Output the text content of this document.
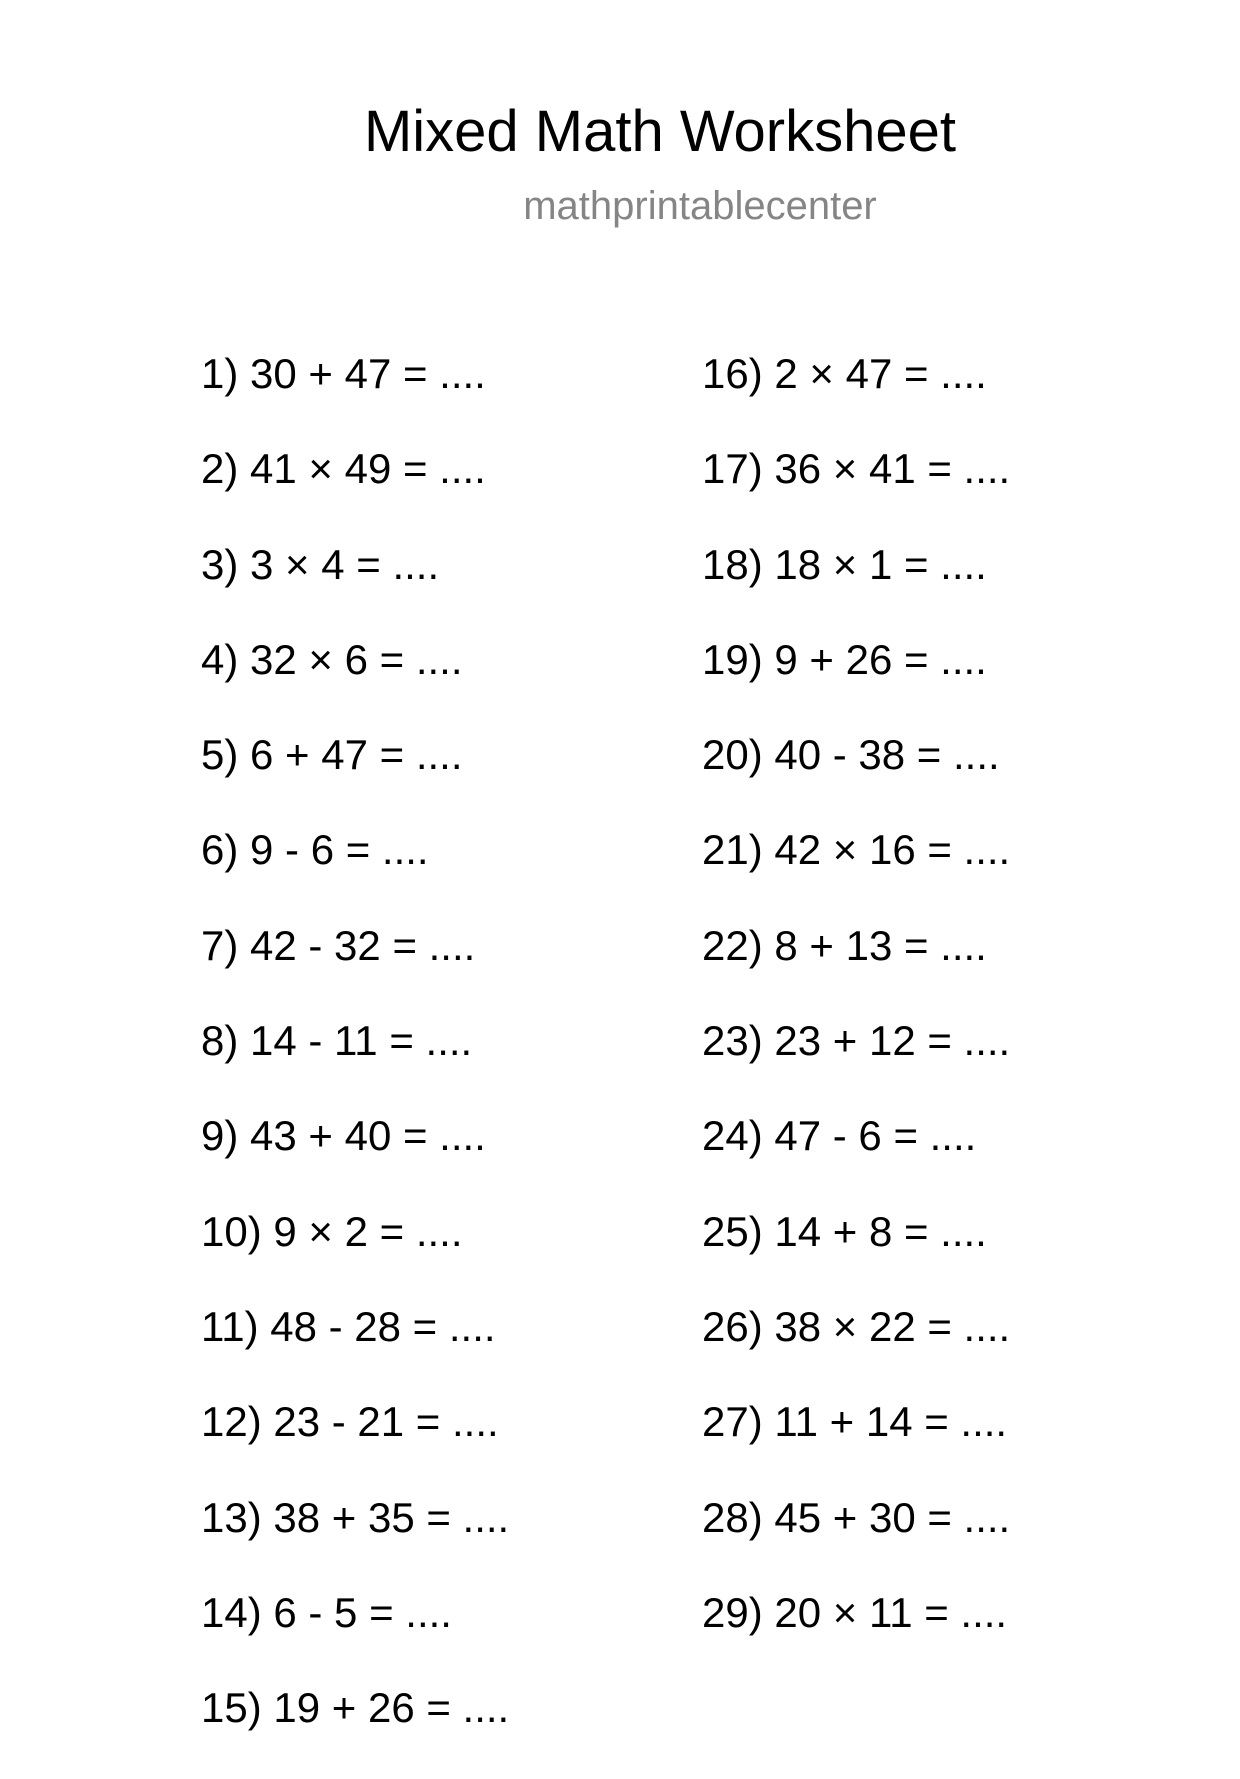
Mixed Math Worksheet
mathprintablecenter
1) 30 + 47 = ....
2) 41 × 49 = ....
3) 3 × 4 = ....
4) 32 × 6 = ....
5) 6 + 47 = ....
6) 9 - 6 = ....
7) 42 - 32 = ....
8) 14 - 11 = ....
9) 43 + 40 = ....
10) 9 × 2 = ....
11) 48 - 28 = ....
12) 23 - 21 = ....
13) 38 + 35 = ....
14) 6 - 5 = ....
15) 19 + 26 = ....
16) 2 × 47 = ....
17) 36 × 41 = ....
18) 18 × 1 = ....
19) 9 + 26 = ....
20) 40 - 38 = ....
21) 42 × 16 = ....
22) 8 + 13 = ....
23) 23 + 12 = ....
24) 47 - 6 = ....
25) 14 + 8 = ....
26) 38 × 22 = ....
27) 11 + 14 = ....
28) 45 + 30 = ....
29) 20 × 11 = ....
